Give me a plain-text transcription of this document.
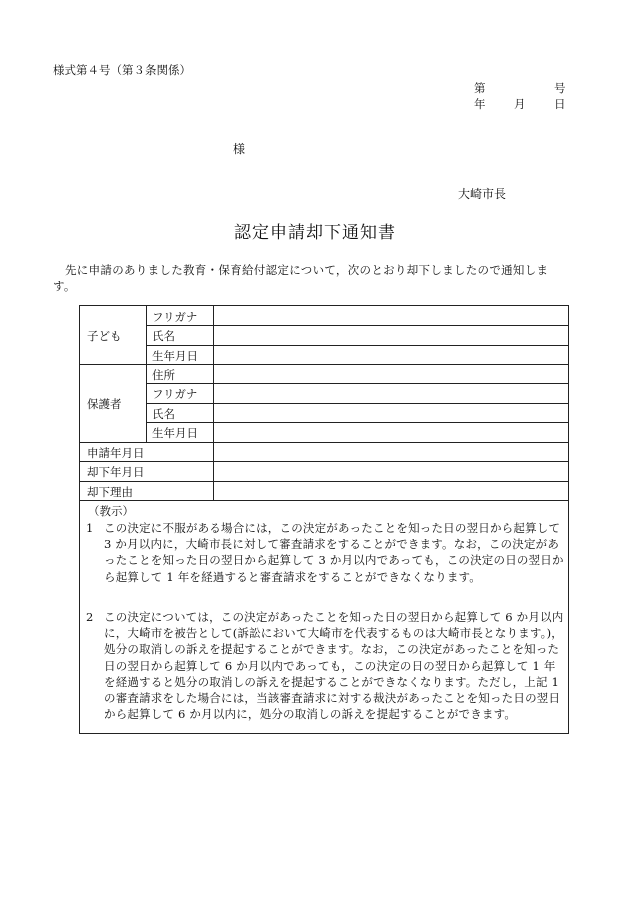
様式第４号（第３条関係）
第	号
年 月 日
様
大崎市長
認定申請却下通知書
先に申請のありました教育・保育給付認定について，次のとおり却下しましたので通知します。
子ども
フリガナ
氏名
生年月日
保護者
住所
フリガナ
氏名
生年月日
申請年月日
却下年月日
却下理由
（教示）
1 この決定に不服がある場合には，この決定があったことを知った日の翌日から起算して 3 か月以内に，大崎市長に対して審査請求をすることができます。なお，この決定があったことを知った日の翌日から起算して 3 か月以内であっても，この決定の日の翌日から起算して 1 年を経過すると審査請求をすることができなくなります。
2 この決定については，この決定があったことを知った日の翌日から起算して 6 か月以内に，大崎市を被告として(訴訟において大崎市を代表するものは大崎市長となります。)，処分の取消しの訴えを提起することができます。なお，この決定があったことを知った日の翌日から起算して 6 か月以内であっても，この決定の日の翌日から起算して 1 年を経過すると処分の取消しの訴えを提起することができなくなります。ただし，上記 1 の審査請求をした場合には，当該審査請求に対する裁決があったことを知った日の翌日から起算して 6 か月以内に，処分の取消しの訴えを提起することができます。
